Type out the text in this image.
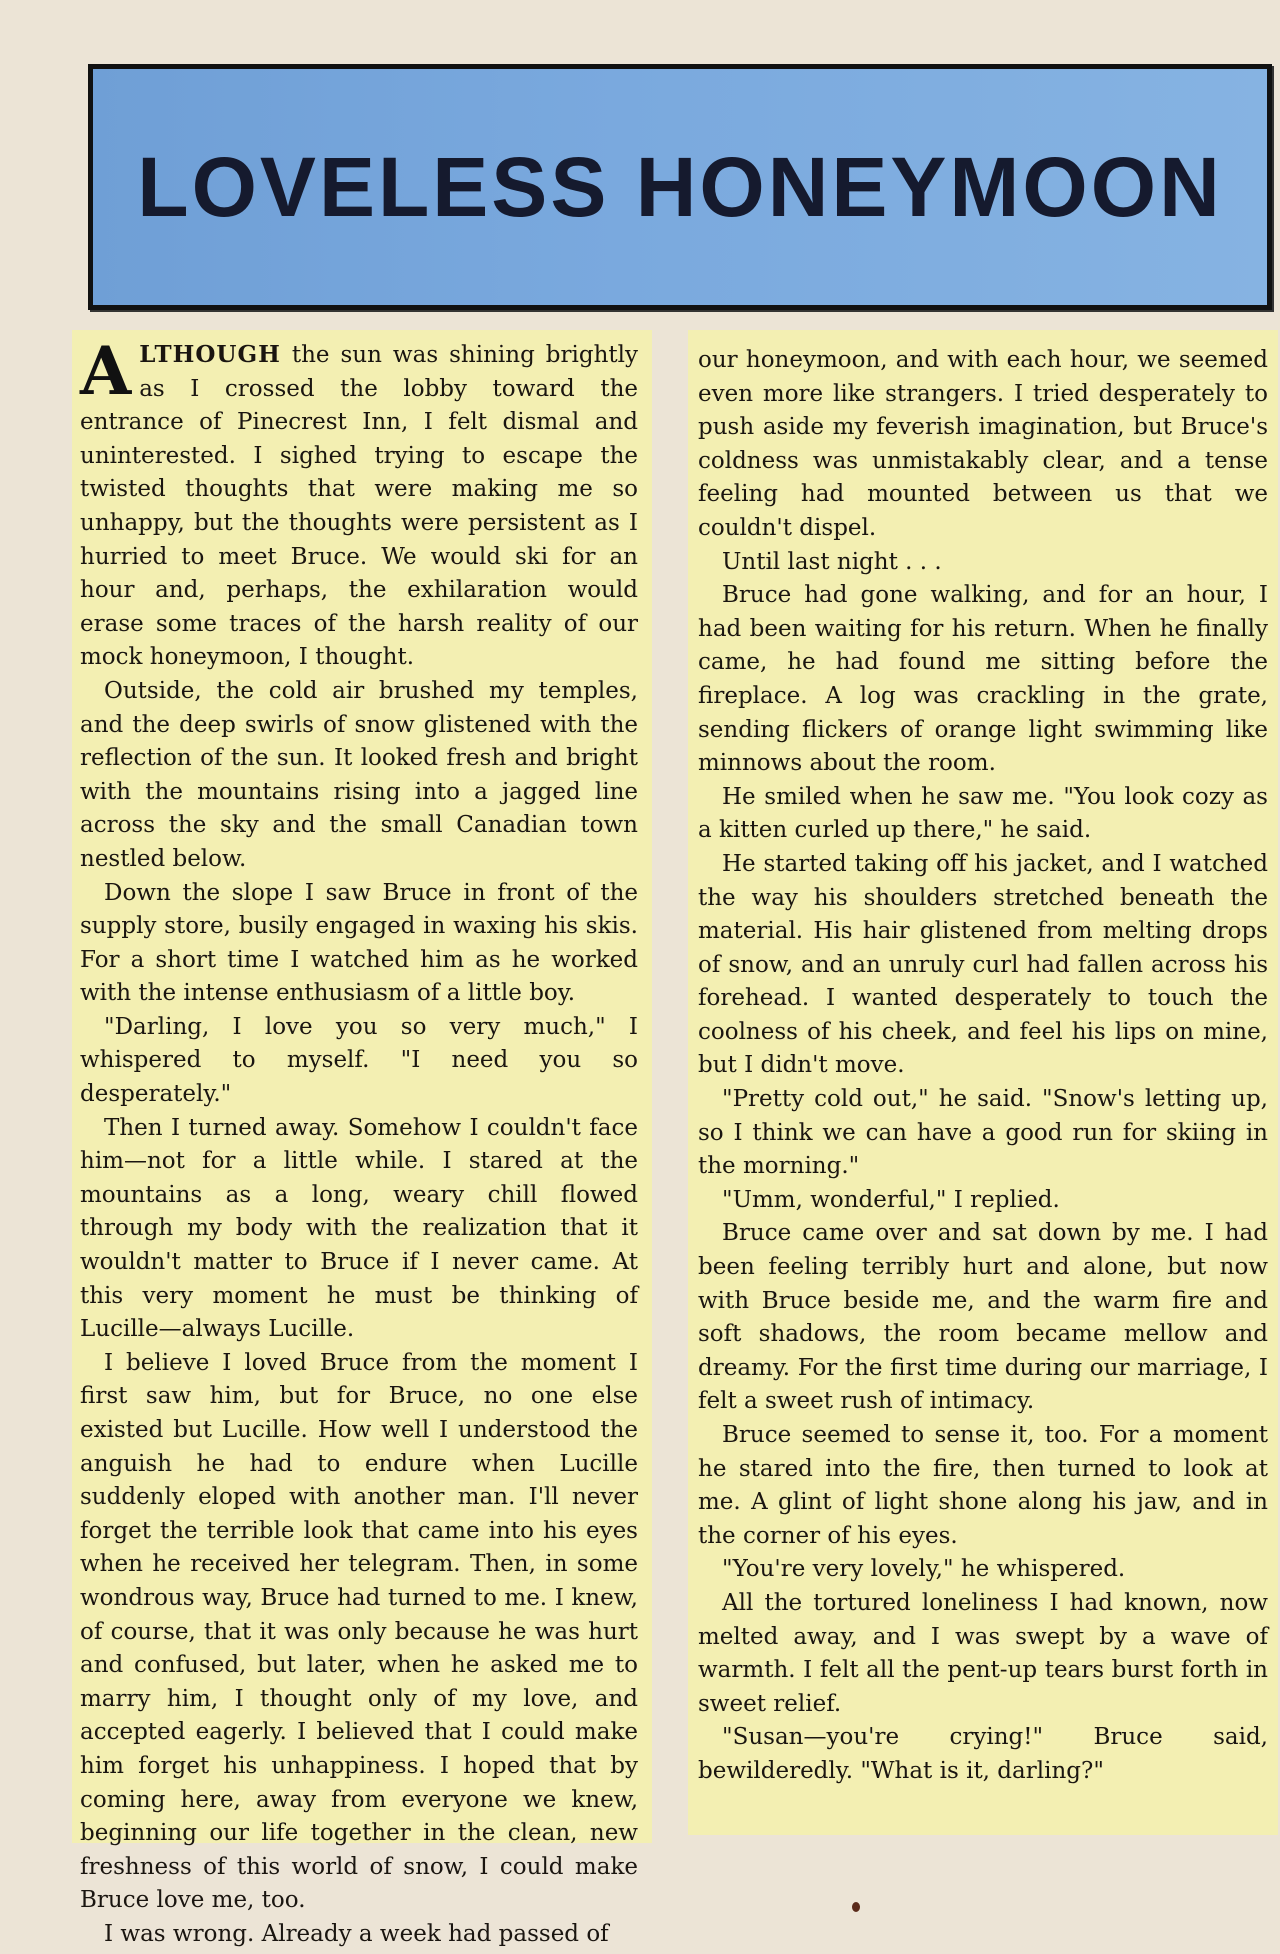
LOVELESS HONEYMOON

ALTHOUGH the sun was shining brightly as I crossed the lobby toward the entrance of Pinecrest Inn, I felt dismal and uninterested. I sighed trying to escape the twisted thoughts that were making me so unhappy, but the thoughts were persistent as I hurried to meet Bruce. We would ski for an hour and, perhaps, the exhilaration would erase some traces of the harsh reality of our mock honeymoon, I thought.

Outside, the cold air brushed my temples, and the deep swirls of snow glistened with the reflection of the sun. It looked fresh and bright with the mountains rising into a jagged line across the sky and the small Canadian town nestled below.

Down the slope I saw Bruce in front of the supply store, busily engaged in waxing his skis. For a short time I watched him as he worked with the intense enthusiasm of a little boy.

"Darling, I love you so very much," I whispered to myself. "I need you so desperately."

Then I turned away. Somehow I couldn't face him—not for a little while. I stared at the mountains as a long, weary chill flowed through my body with the realization that it wouldn't matter to Bruce if I never came. At this very moment he must be thinking of Lucille—always Lucille.

I believe I loved Bruce from the moment I first saw him, but for Bruce, no one else existed but Lucille. How well I understood the anguish he had to endure when Lucille suddenly eloped with another man. I'll never forget the terrible look that came into his eyes when he received her telegram. Then, in some wondrous way, Bruce had turned to me. I knew, of course, that it was only because he was hurt and confused, but later, when he asked me to marry him, I thought only of my love, and accepted eagerly. I believed that I could make him forget his unhappiness. I hoped that by coming here, away from everyone we knew, beginning our life together in the clean, new freshness of this world of snow, I could make Bruce love me, too.

I was wrong. Already a week had passed of

our honeymoon, and with each hour, we seemed even more like strangers. I tried desperately to push aside my feverish imagination, but Bruce's coldness was unmistakably clear, and a tense feeling had mounted between us that we couldn't dispel.

Until last night . . .

Bruce had gone walking, and for an hour, I had been waiting for his return. When he finally came, he had found me sitting before the fireplace. A log was crackling in the grate, sending flickers of orange light swimming like minnows about the room.

He smiled when he saw me. "You look cozy as a kitten curled up there," he said.

He started taking off his jacket, and I watched the way his shoulders stretched beneath the material. His hair glistened from melting drops of snow, and an unruly curl had fallen across his forehead. I wanted desperately to touch the coolness of his cheek, and feel his lips on mine, but I didn't move.

"Pretty cold out," he said. "Snow's letting up, so I think we can have a good run for skiing in the morning."

"Umm, wonderful," I replied.

Bruce came over and sat down by me. I had been feeling terribly hurt and alone, but now with Bruce beside me, and the warm fire and soft shadows, the room became mellow and dreamy. For the first time during our marriage, I felt a sweet rush of intimacy.

Bruce seemed to sense it, too. For a moment he stared into the fire, then turned to look at me. A glint of light shone along his jaw, and in the corner of his eyes.

"You're very lovely," he whispered.

All the tortured loneliness I had known, now melted away, and I was swept by a wave of warmth. I felt all the pent-up tears burst forth in sweet relief.

"Susan—you're crying!" Bruce said, bewilderedly. "What is it, darling?"
